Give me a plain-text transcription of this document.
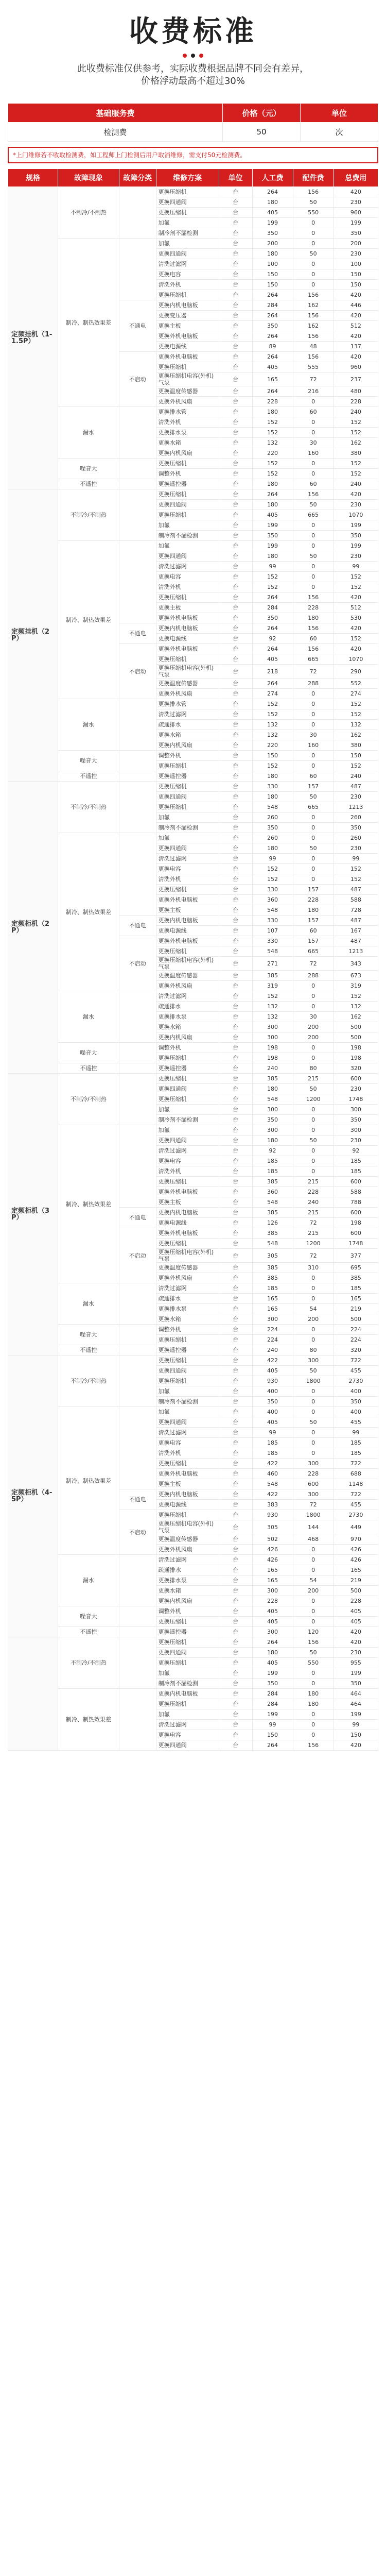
收费标准

此收费标准仅供参考，实际收费根据品牌不同会有差异，
价格浮动最高不超过30%

基础服务费	价格（元）	单位
检测费	50	次
*上门维修若不收取检测费，如工程师上门检测后用户取消维修，需支付50元检测费。
规格	故障现象	故障分类	维修方案	单位	人工费	配件费	总费用
定频挂机（1-1.5P）	不制冷/不制热		更换压缩机	台	264	156	420
			更换四通阀	台	180	50	230
			更换压缩机	台	405	550	960
			加氟	台	199	0	199
			制冷剂不漏检测	台	350	0	350
	制冷、制热效果差		加氟	台	200	0	200
			更换四通阀	台	180	50	230
			清洗过滤网	台	100	0	100
			更换电容	台	150	0	150
			清洗外机	台	150	0	150
			更换压缩机	台	264	156	420
		不通电	更换内机电脑板	台	284	162	446
			更换变压器	台	264	156	420
			更换主板	台	350	162	512
			更换外机电脑板	台	264	156	420
			更换电源线	台	89	48	137
		不启动	更换外机电脑板	台	264	156	420
			更换压缩机	台	405	555	960
			更换压缩机电容(外机)气泵	台	165	72	237
			更换温度传感器	台	264	216	480
			更换外机风扇	台	228	0	228
	漏水		更换排水管	台	180	60	240
			清洗外机	台	152	0	152
			更换排水泵	台	152	0	152
			更换水箱	台	132	30	162
			更换内机风扇	台	220	160	380
	噪音大		更换压缩机	台	152	0	152
			调整外机	台	152	0	152
	不遥控		更换遥控器	台	180	60	240
定频挂机（2P）	不制冷/不制热		更换压缩机	台	264	156	420
			更换四通阀	台	180	50	230
			更换压缩机	台	405	665	1070
			加氟	台	199	0	199
			制冷剂不漏检测	台	350	0	350
	制冷、制热效果差		加氟	台	199	0	199
			更换四通阀	台	180	50	230
			清洗过滤网	台	99	0	99
			更换电容	台	152	0	152
			清洗外机	台	152	0	152
			更换压缩机	台	264	156	420
			更换主板	台	284	228	512
			更换外机电脑板	台	350	180	530
		不通电	更换内机电脑板	台	264	156	420
			更换电源线	台	92	60	152
		不启动	更换外机电脑板	台	264	156	420
			更换压缩机	台	405	665	1070
			更换压缩机电容(外机)气泵	台	218	72	290
			更换温度传感器	台	264	288	552
			更换外机风扇	台	274	0	274
	漏水		更换排水管	台	152	0	152
			清洗过滤网	台	152	0	152
			疏通排水	台	132	0	132
			更换水箱	台	132	30	162
			更换内机风扇	台	220	160	380
	噪音大		调整外机	台	150	0	150
			更换压缩机	台	152	0	152
	不遥控		更换遥控器	台	180	60	240
定频柜机（2P）	不制冷/不制热		更换压缩机	台	330	157	487
			更换四通阀	台	180	50	230
			更换压缩机	台	548	665	1213
			加氟	台	260	0	260
			制冷剂不漏检测	台	350	0	350
	制冷、制热效果差		加氟	台	260	0	260
			更换四通阀	台	180	50	230
			清洗过滤网	台	99	0	99
			更换电容	台	152	0	152
			清洗外机	台	152	0	152
			更换压缩机	台	330	157	487
			更换外机电脑板	台	360	228	588
			更换主板	台	548	180	728
		不通电	更换内机电脑板	台	330	157	487
			更换电源线	台	107	60	167
		不启动	更换外机电脑板	台	330	157	487
			更换压缩机	台	548	665	1213
			更换压缩机电容(外机)气泵	台	271	72	343
			更换温度传感器	台	385	288	673
			更换外机风扇	台	319	0	319
	漏水		清洗过滤网	台	152	0	152
			疏通排水	台	132	0	132
			更换排水泵	台	132	30	162
			更换水箱	台	300	200	500
			更换内机风扇	台	300	200	500
	噪音大		调整外机	台	198	0	198
			更换压缩机	台	198	0	198
	不遥控		更换遥控器	台	240	80	320
定频柜机（3P）	不制冷/不制热		更换压缩机	台	385	215	600
			更换四通阀	台	180	50	230
			更换压缩机	台	548	1200	1748
			加氟	台	300	0	300
			制冷剂不漏检测	台	350	0	350
	制冷、制热效果差		加氟	台	300	0	300
			更换四通阀	台	180	50	230
			清洗过滤网	台	92	0	92
			更换电容	台	185	0	185
			清洗外机	台	185	0	185
			更换压缩机	台	385	215	600
			更换外机电脑板	台	360	228	588
			更换主板	台	548	240	788
		不通电	更换内机电脑板	台	385	215	600
			更换电源线	台	126	72	198
		不启动	更换外机电脑板	台	385	215	600
			更换压缩机	台	548	1200	1748
			更换压缩机电容(外机)气泵	台	305	72	377
			更换温度传感器	台	385	310	695
			更换外机风扇	台	385	0	385
	漏水		清洗过滤网	台	185	0	185
			疏通排水	台	165	0	165
			更换排水泵	台	165	54	219
			更换水箱	台	300	200	500
	噪音大		调整外机	台	224	0	224
			更换压缩机	台	224	0	224
	不遥控		更换遥控器	台	240	80	320
定频柜机（4-5P）	不制冷/不制热		更换压缩机	台	422	300	722
			更换四通阀	台	405	50	455
			更换压缩机	台	930	1800	2730
			加氟	台	400	0	400
			制冷剂不漏检测	台	350	0	350
	制冷、制热效果差		加氟	台	400	0	400
			更换四通阀	台	405	50	455
			清洗过滤网	台	99	0	99
			更换电容	台	185	0	185
			清洗外机	台	185	0	185
			更换压缩机	台	422	300	722
			更换外机电脑板	台	460	228	688
			更换主板	台	548	600	1148
		不通电	更换内机电脑板	台	422	300	722
			更换电源线	台	383	72	455
		不启动	更换压缩机	台	930	1800	2730
			更换压缩机电容(外机)气泵	台	305	144	449
			更换温度传感器	台	502	468	970
			更换外机风扇	台	426	0	426
	漏水		清洗过滤网	台	426	0	426
			疏通排水	台	165	0	165
			更换排水泵	台	165	54	219
			更换水箱	台	300	200	500
			更换内机风扇	台	228	0	228
	噪音大		调整外机	台	405	0	405
			更换压缩机	台	405	0	405
	不遥控		更换遥控器	台	300	120	420
	不制冷/不制热		更换压缩机	台	264	156	420
			更换四通阀	台	180	50	230
			更换压缩机	台	405	550	955
			加氟	台	199	0	199
			制冷剂不漏检测	台	350	0	350
	制冷、制热效果差		更换内机电脑板	台	284	180	464
			更换压缩机	台	284	180	464
			加氟	台	199	0	199
			清洗过滤网	台	99	0	99
			更换电容	台	150	0	150
			更换四通阀	台	264	156	420
